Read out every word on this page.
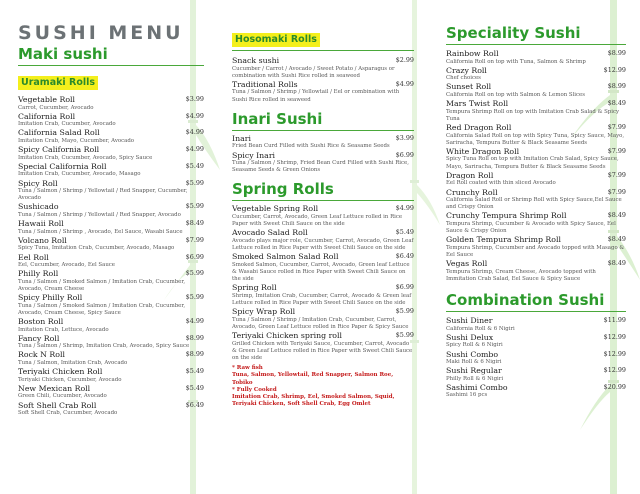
SUSHI MENU
Maki sushi
Uramaki Rolls
Vegetable Roll	$3.99
Carrot, Cucumber, Avocado
California Roll	$4.99
Imitation Crab, Cucumber, Avocado
California Salad Roll	$4.99
Imitation Crab, Mayo, Cucumber, Avocado
Spicy California Roll	$4.99
Imitation Crab, Cucumber, Avocado, Spicy Sauce
Special California Roll	$5.49
Imitation Crab, Cucumber, Avocado, Masago
Spicy Roll	$5.99
Tuna / Salmon / Shrimp / Yellowtail / Red Snapper, Cucumber, Avocado
Sushicado	$5.99
Tuna / Salmon / Shrimp / Yellowtail / Red Snapper, Avocado
Hawaii Roll	$8.49
Tuna / Salmon / Shrimp , Avocado, Eel Sauce, Wasabi Sauce
Volcano Roll	$7.99
Spicy Tuna, Imitation Crab, Cucumber, Avocado, Masago
Eel Roll	$6.99
Eel, Cucumber, Avocado, Eel Sauce
Philly Roll	$5.99
Tuna / Salmon / Smoked Salmon / Imitation Crab, Cucumber, Avocado, Cream Cheese
Spicy Philly Roll	$5.99
Tuna / Salmon / Smoked Salmon / Imitation Crab, Cucumber, Avocado, Cream Cheese, Spicy Sauce
Boston Roll	$4.99
Imitation Crab, Lettuce, Avocado
Fancy Roll	$8.99
Tuna / Salmon / Shrimp, Imitation Crab, Avocado, Spicy Sauce
Rock N Roll	$8.99
Tuna / Salmon, Imitation Crab, Avocado
Teriyaki Chicken Roll	$5.49
Teriyaki Chicken, Cucumber, Avocado
New Mexican Roll	$5.49
Green Chili, Cucumber, Avocado
Soft Shell Crab Roll	$6.49
Soft Shell Crab, Cucumber, Avocado
Hosomaki Rolls
Snack sushi	$2.99
Cucumber / Carrot / Avocado / Sweet Potato / Asparagus or combination with Sushi Rice rolled in seaweed
Traditional Rolls	$4.99
Tuna / Salmon / Shrimp / Yellowtail / Eel or combination with Sushi Rice rolled in seaweed
Inari Sushi
Inari	$3.99
Fried Bean Curd Filled with Sushi Rice & Seasame Seeds
Spicy Inari	$6.99
Tuna / Salmon / Shrimp, Fried Bean Curd Filled with Sushi Rice, Seasame Seeds & Green Onions
Spring Rolls
Vegetable Spring Roll	$4.99
Cucumber, Carrot, Avocado, Green Leaf Lettuce rolled in Rice Paper with Sweet Chili Sauce on the side
Avocado Salad Roll	$5.49
Avocado plays major role, Cucumber, Carrot, Avocado, Green Leaf Lettuce rolled in Rice Paper with Sweet Chili Sauce on the side
Smoked Salmon Salad Roll	$6.49
Smoked Salmon, Cucumber, Carrot, Avocado, Green leaf Lettuce & Wasabi Sauce rolled in Rice Paper with Sweet Chili Sauce on the side
Spring Roll	$6.99
Shrimp, Imitation Crab, Cucumber, Carrot, Avocado & Green leaf Lettuce rolled in Rice Paper with Sweet Chili Sauce on the side
Spicy Wrap Roll	$5.99
Tuna / Salmon / Shrimp / Imitation Crab, Cucumber, Carrot, Avocado, Green Leaf Lettuce rolled in Rice Paper & Spicy Sauce
Teriyaki Chicken spring roll	$5.99
Grilled Chicken with Teriyaki Sauce, Cucumber, Carrot, Avocado & Green Leaf Lettuce rolled in Rice Paper with Sweet Chili Sauce on the side
* Raw fish
Tuna, Salmon, Yellowtail, Red Snapper, Salmon Roe, Tobiko
* Fully Cooked
Imitation Crab, Shrimp, Eel, Smoked Salmon, Squid, Teriyaki Chicken, Soft Shell Crab, Egg Omlet
Speciality Sushi
Rainbow Roll	$8.99
California Roll on top with Tuna, Salmon & Shrimp
Crazy Roll	$12.99
Chef choices
Sunset Roll	$8.99
California Roll on top with Salmon & Lemon Slices
Mars Twist Roll	$8.49
Tempura Shrimp Roll on top with Imitation Crab Salad & Spicy Tuna
Red Dragon Roll	$7.99
California Salad Roll on top with Spicy Tuna, Spicy Sauce, Mayo, Sariracha, Tempura Butter & Black Seasame Seeds
White Dragon Roll	$7.99
Spicy Tuna Roll on top with Imitation Crab Salad, Spicy Sauce, Mayo, Sariracha, Tempura Butter & Black Seasame Seeds
Dragon Roll	$7.99
Eel Roll coated with thin sliced Avocado
Crunchy Roll	$7.99
California Salad Roll or Shrimp Roll with Spicy Sauce,Eel Sauce and Crispy Onion
Crunchy Tempura Shrimp Roll	$8.49
Tempura Shrimp, Cucumber & Avocado with Spicy Sauce, Eel Sauce & Crispy Onion
Golden Tempura Shrimp Roll	$8.49
Tempura Shrimp, Cucumber and Avocado topped with Masago & Eel Sauce
Vegas Roll	$8.49
Tempura Shrimp, Cream Cheese, Avocado topped with Immitation Crab Salad, Eel Sauce & Spicy Sauce
Combination Sushi
Sushi Diner	$11.99
California Roll & 6 Nigiri
Sushi Delux	$12.99
Spicy Roll & 6 Nigiri
Sushi Combo	$12.99
Maki Roll & 6 Nigiri
Sushi Regular	$12.99
Philly Roll & 6 Nigiri
Sashimi Combo	$20.99
Sashimi 16 pcs
